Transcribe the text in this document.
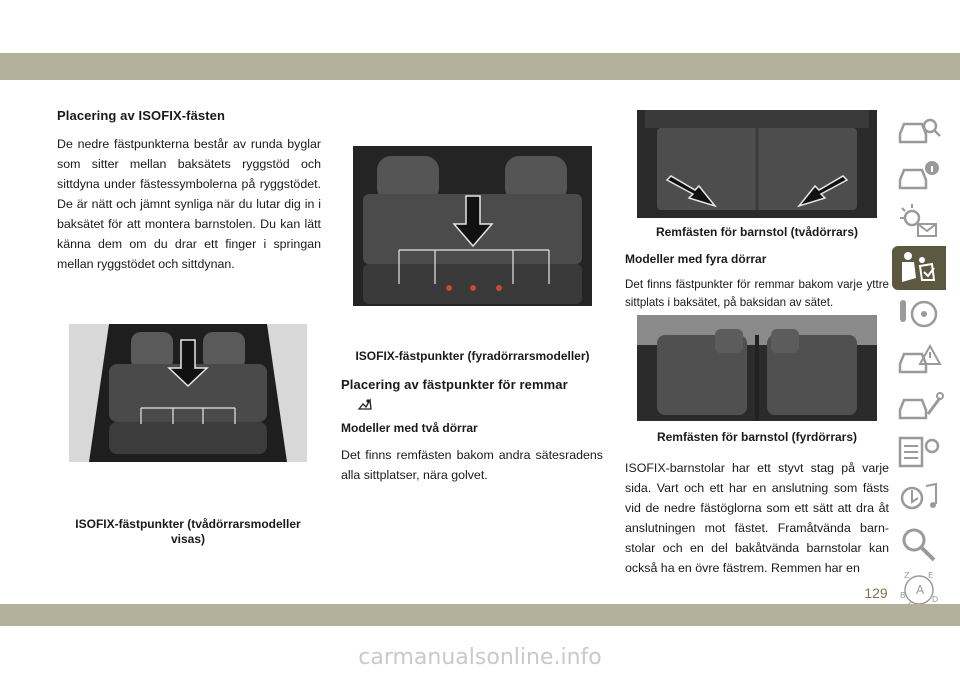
Placering av ISOFIX-fästen

De nedre fästpunkterna består av runda byglar som sitter mellan baksätets ryggstöd och sittdyna under fästessymbolerna på ryggstödet. De är nätt och jämnt synliga när du lutar dig in i baksätet för att montera barnstolen. Du kan lätt känna dem om du drar ett finger i springan mellan ryggstödet och sittdynan.

ISOFIX-fästpunkter (tvådörrarsmodeller visas)
ISOFIX-fästpunkter (fyradörrarsmodeller)
Placering av fästpunkter för remmar
Modeller med två dörrar

Det finns remfästen bakom andra sätesradens alla sittplatser, nära golvet.

Remfästen för barnstol (tvådörrars)
Modeller med fyra dörrar

Det finns fästpunkter för remmar bakom varje yttre sittplats i baksätet, på baksidan av sätet.

Remfästen för barnstol (fyrdörrars)

ISOFIX-barnstolar har ett styvt stag på varje sida. Vart och ett har en anslutning som fästs vid de nedre fästöglorna som ett sätt att dra åt anslutningen mot fästet. Framåtvända barnstolar och en del bakåtvända barnstolar kan också ha en övre fästrem. Remmen har en

Z E
A
B	D
129
carmanualsonline.info
